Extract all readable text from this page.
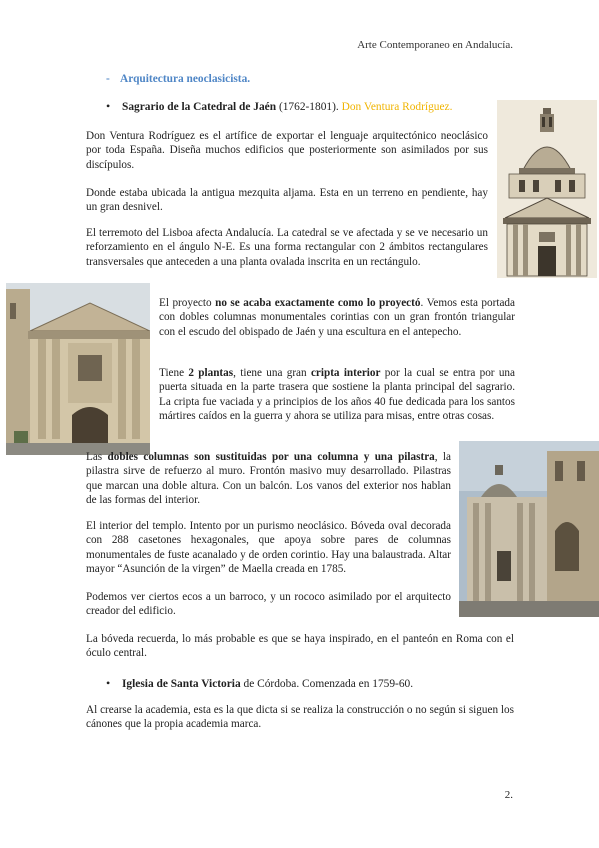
Arte Contemporaneo en Andalucía.
- Arquitectura neoclasicista.
• Sagrario de la Catedral de Jaén (1762-1801). Don Ventura Rodríguez.

Don Ventura Rodríguez es el artífice de exportar el lenguaje arquitectónico neoclásico por toda España. Diseña muchos edificios que posteriormente son asimilados por sus discípulos.

Donde estaba ubicada la antigua mezquita aljama. Esta en un terreno en pendiente, hay un gran desnivel.

El terremoto del Lisboa afecta Andalucía. La catedral se ve afectada y se ve necesario un reforzamiento en el ángulo N-E. Es una forma rectangular con 2 ámbitos rectangulares transversales que anteceden a una planta ovalada inscrita en un rectángulo.

El proyecto no se acaba exactamente como lo proyectó. Vemos esta portada con dobles columnas monumentales corintias con un gran frontón triangular con el escudo del obispado de Jaén y una escultura en el antepecho.

Tiene 2 plantas, tiene una gran cripta interior por la cual se entra por una puerta situada en la parte trasera que sostiene la planta principal del sagrario. La cripta fue vaciada y a principios de los años 40 fue dedicada para los santos mártires caídos en la guerra y ahora se utiliza para misas, entre otras cosas.

Las dobles columnas son sustituidas por una columna y una pilastra, la pilastra sirve de refuerzo al muro. Frontón masivo muy desarrollado. Pilastras que marcan una doble altura. Con un balcón. Los vanos del exterior nos hablan de las formas del interior.

El interior del templo. Intento por un purismo neoclásico. Bóveda oval decorada con 288 casetones hexagonales, que apoya sobre pares de columnas monumentales de fuste acanalado y de orden corintio. Hay una balaustrada. Altar mayor “Asunción de la virgen” de Maella creada en 1785.

Podemos ver ciertos ecos a un barroco, y un rococo asimilado por el arquitecto creador del edificio.

La bóveda recuerda, lo más probable es que se haya inspirado, en el panteón en Roma con el óculo central.

• Iglesia de Santa Victoria de Córdoba. Comenzada en 1759-60.

Al crearse la academia, esta es la que dicta si se realiza la construcción o no según si siguen los cánones que la propia academia marca.

2.
